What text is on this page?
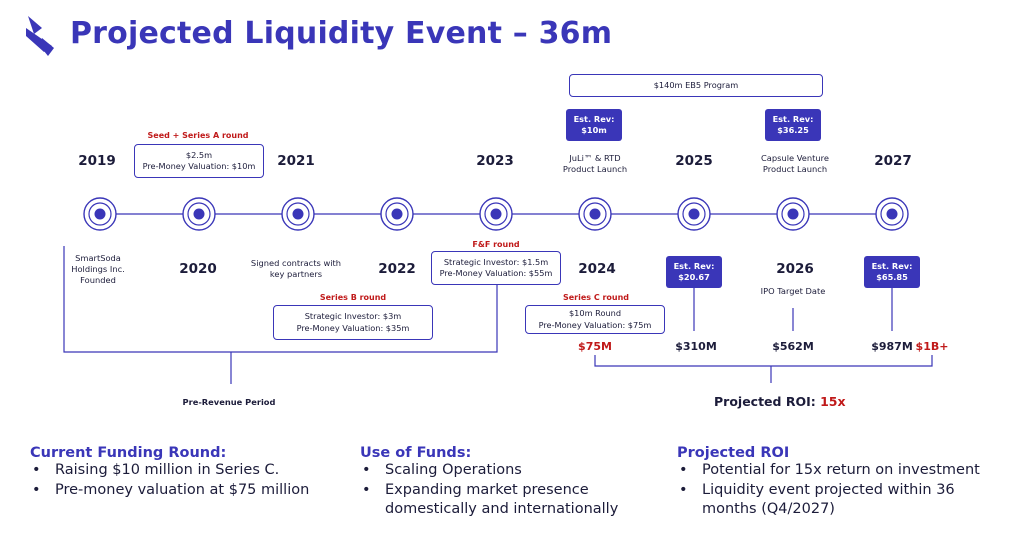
Projected Liquidity Event – 36m
2019	2021	2023	2025	2027
2020	2022	2024	2026
Seed + Series A round
$2.5m
Pre-Money Valuation: $10m
$140m EB5 Program
Est. Rev:
$10m
Est. Rev:
$36.25
JuLi™ & RTD
Product Launch
Capsule Venture
Product Launch
SmartSoda
Holdings Inc.
Founded
Signed contracts with
key partners
F&F round
Strategic Investor: $1.5m
Pre-Money Valuation: $55m
Series B round
Strategic Investor: $3m
Pre-Money Valuation: $35m
Series C round
$10m Round
Pre-Money Valuation: $75m
Est. Rev:
$20.67
Est. Rev:
$65.85
IPO Target Date
$75M	$310M	$562M	$987M $1B+
Pre-Revenue Period	Projected ROI: 15x
Current Funding Round:
• Raising $10 million in Series C.
• Pre-money valuation at $75 million
Use of Funds:
• Scaling Operations
• Expanding market presence domestically and internationally
Projected ROI
• Potential for 15x return on investment
• Liquidity event projected within 36 months (Q4/2027)
